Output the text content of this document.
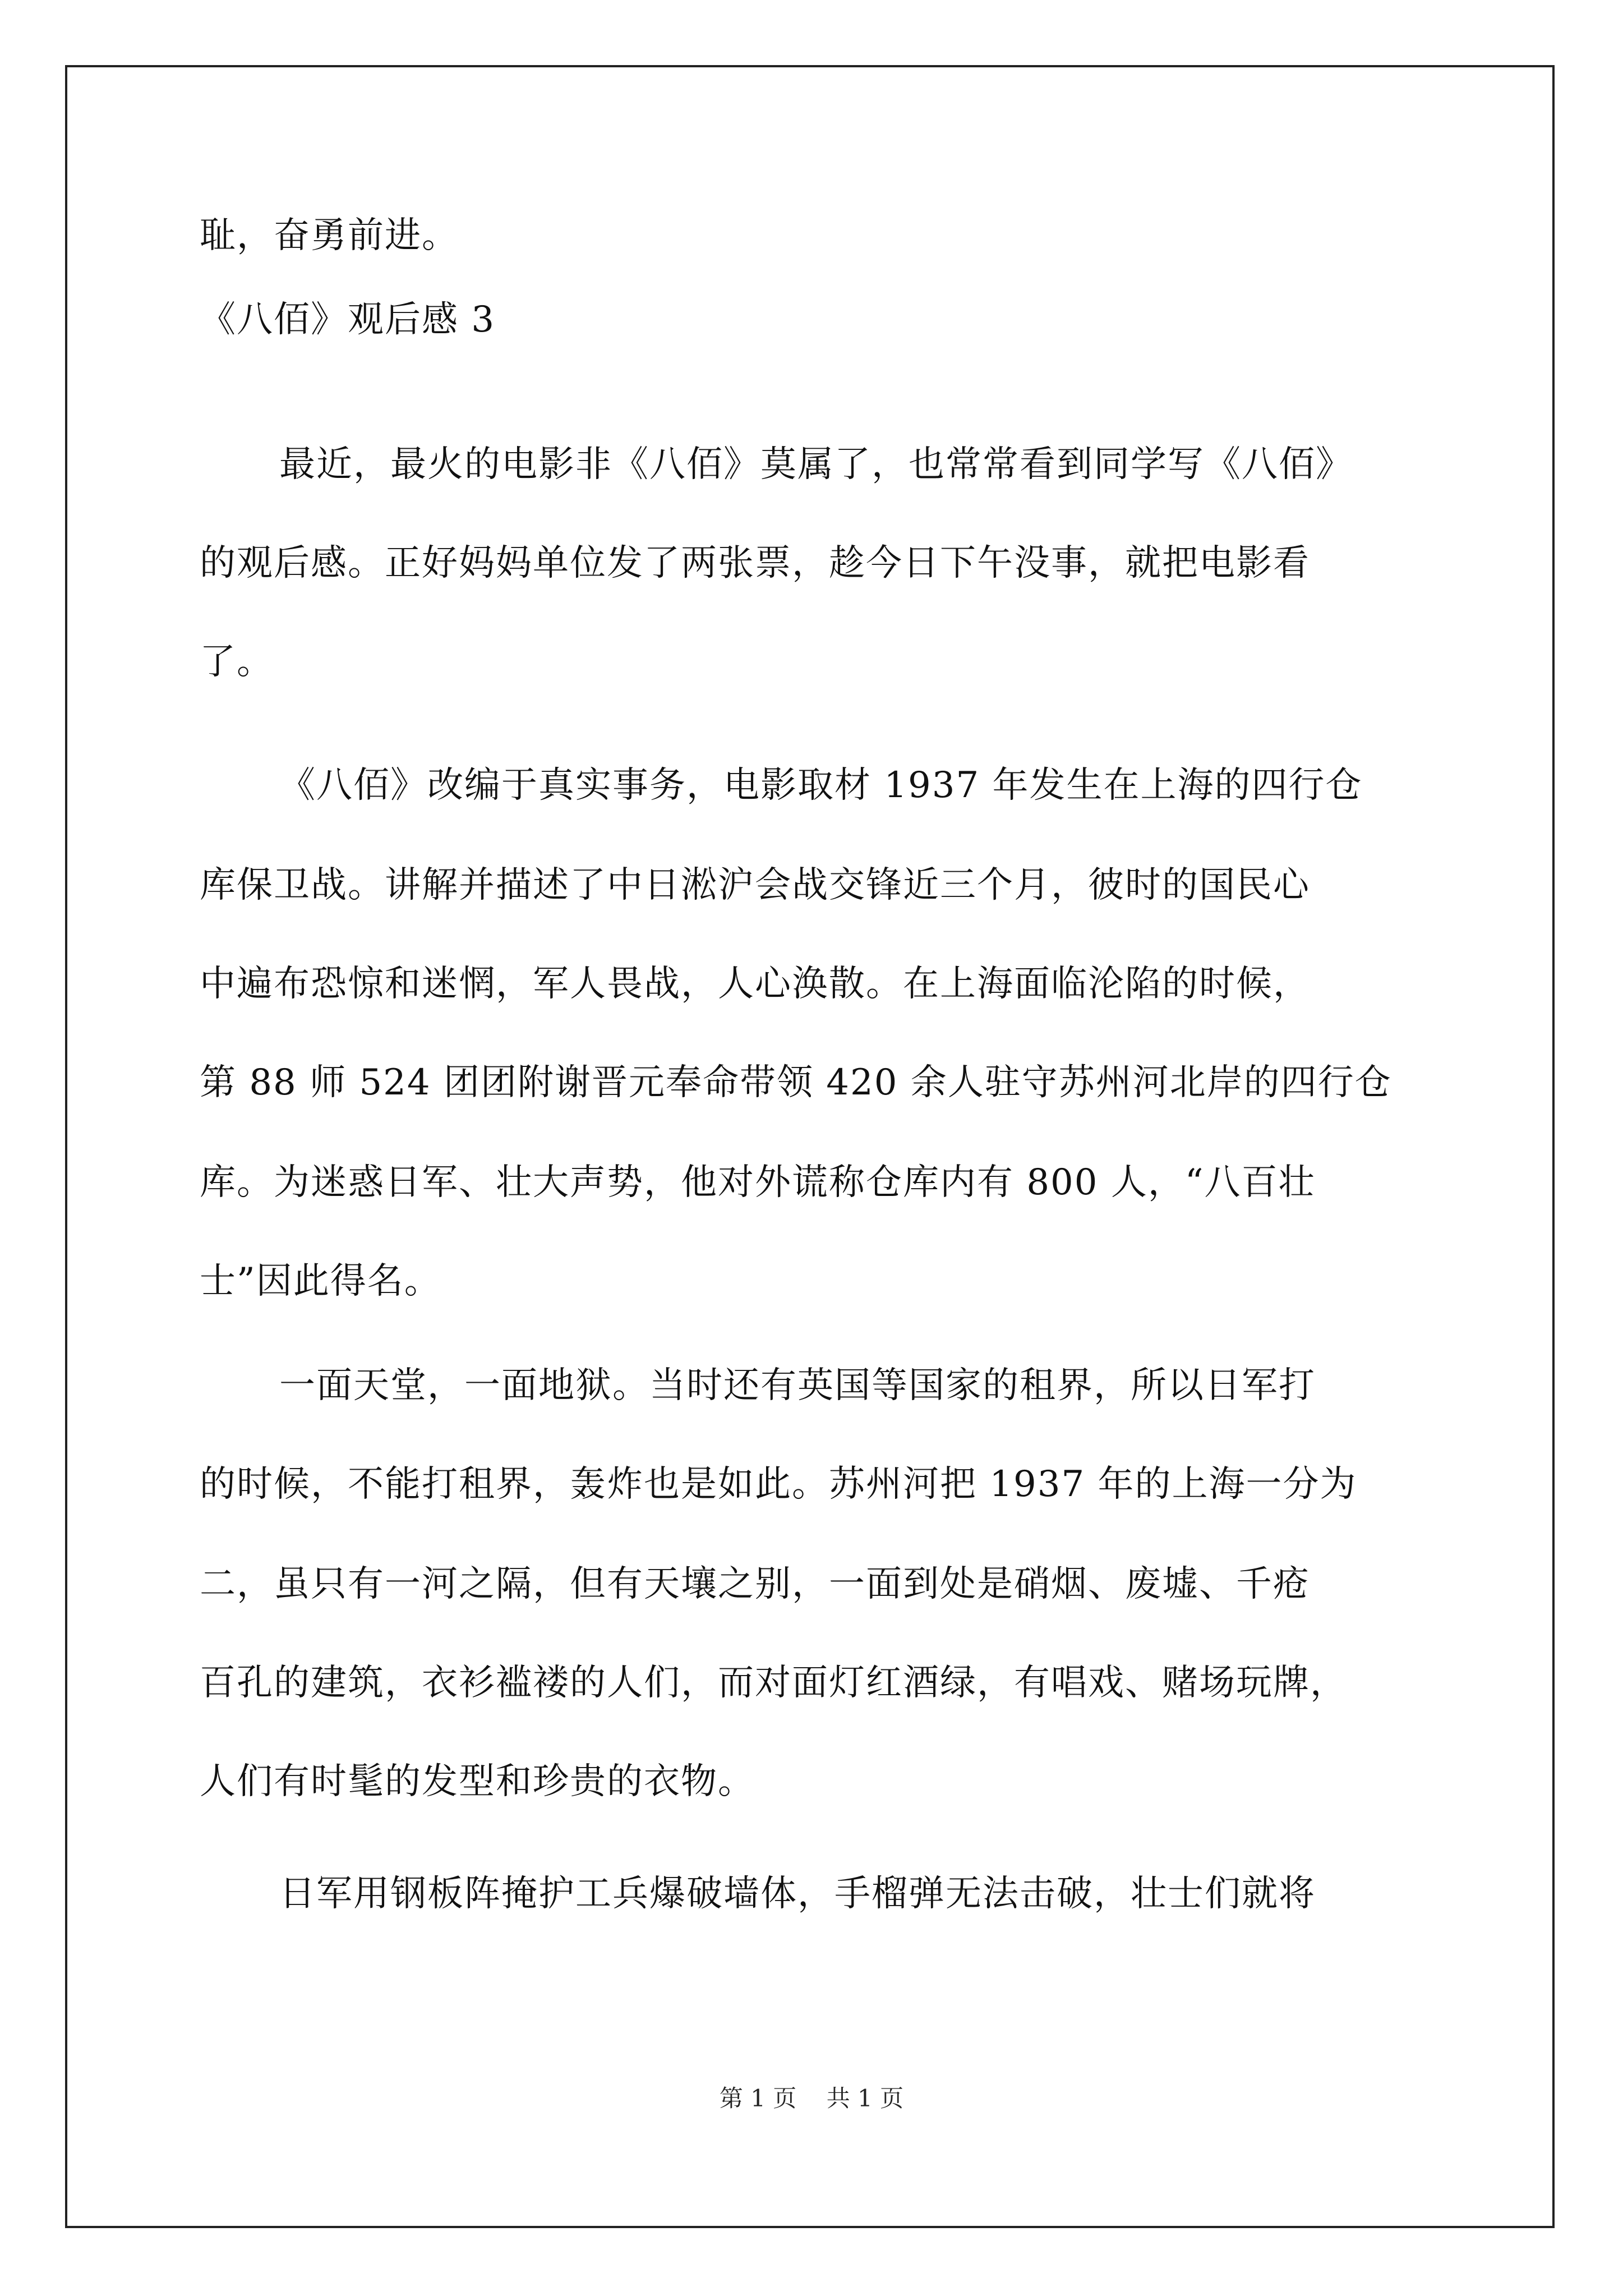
耻，奋勇前进。
《八佰》观后感 3
最近，最火的电影非《八佰》莫属了，也常常看到同学写《八佰》
的观后感。正好妈妈单位发了两张票，趁今日下午没事，就把电影看
了。
《八佰》改编于真实事务，电影取材 1937 年发生在上海的四行仓
库保卫战。讲解并描述了中日淞沪会战交锋近三个月，彼时的国民心
中遍布恐惊和迷惘，军人畏战，人心涣散。在上海面临沦陷的时候，
第 88 师 524 团团附谢晋元奉命带领 420 余人驻守苏州河北岸的四行仓
库。为迷惑日军、壮大声势，他对外谎称仓库内有 800 人，“八百壮
士”因此得名。
一面天堂，一面地狱。当时还有英国等国家的租界，所以日军打
的时候，不能打租界，轰炸也是如此。苏州河把 1937 年的上海一分为
二，虽只有一河之隔，但有天壤之别，一面到处是硝烟、废墟、千疮
百孔的建筑，衣衫褴褛的人们，而对面灯红酒绿，有唱戏、赌场玩牌，
人们有时髦的发型和珍贵的衣物。
日军用钢板阵掩护工兵爆破墙体，手榴弹无法击破，壮士们就将
第 1 页    共 1 页
